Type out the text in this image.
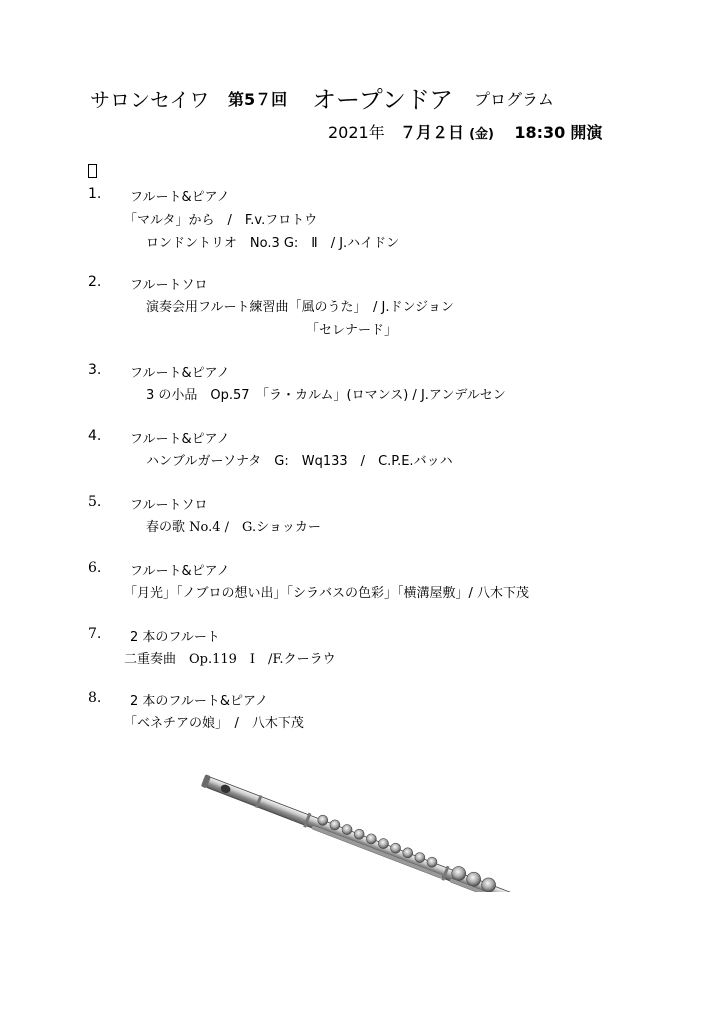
サロンセイワ 第5７回 オープンドア プログラム
2021年 ７月２日 (金) 18:30 開演
1. フルート&ピアノ
「マルタ」から　/　F.v.フロトウ
ロンドントリオ　No.3 G:　Ⅱ　/ J.ハイドン
2. フルートソロ
演奏会用フルート練習曲「風のうた」　/ J.ドンジョン
「セレナード」
3. フルート&ピアノ
3 の小品　Op.57　「ラ・カルム」(ロマンス) / J.アンデルセン
4. フルート&ピアノ
ハンブルガーソナタ　G:　Wq133　/　C.P.E.バッハ
5. フルートソロ
春の歌 No.4 /　G.ショッカー
6. フルート&ピアノ
「月光」「ノブロの想い出」「シラバスの色彩」「横溝屋敷」/ 八木下茂
7. 2 本のフルート
二重奏曲　Op.119　I　/F.クーラウ
8. 2 本のフルート&ピアノ
「ベネチアの娘」　/　八木下茂
